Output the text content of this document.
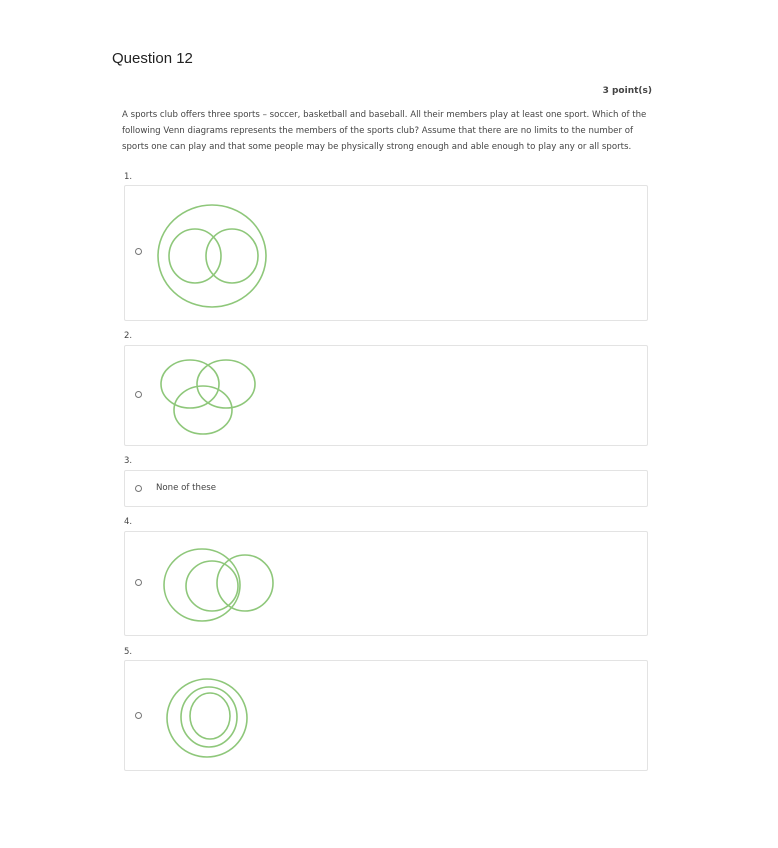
Question 12
3 point(s)

A sports club offers three sports – soccer, basketball and baseball. All their members play at least one sport. Which of the following Venn diagrams represents the members of the sports club? Assume that there are no limits to the number of sports one can play and that some people may be physically strong enough and able enough to play any or all sports.

1.
2.
3.
None of these
4.
5.
